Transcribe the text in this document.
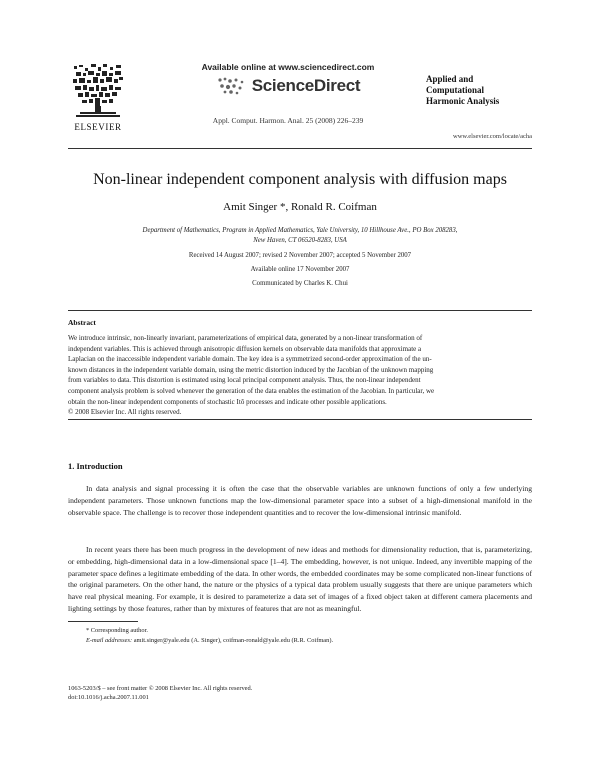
ELSEVIER
Available online at www.sciencedirect.com
ScienceDirect
Appl. Comput. Harmon. Anal. 25 (2008) 226–239
Applied and
Computational
Harmonic Analysis
www.elsevier.com/locate/acha
Non-linear independent component analysis with diffusion maps
Amit Singer *, Ronald R. Coifman
Department of Mathematics, Program in Applied Mathematics, Yale University, 10 Hillhouse Ave., PO Box 208283,
New Haven, CT 06520-8283, USA
Received 14 August 2007; revised 2 November 2007; accepted 5 November 2007
Available online 17 November 2007
Communicated by Charles K. Chui
Abstract
We introduce intrinsic, non-linearly invariant, parameterizations of empirical data, generated by a non-linear transformation of
independent variables. This is achieved through anisotropic diffusion kernels on observable data manifolds that approximate a
Laplacian on the inaccessible independent variable domain. The key idea is a symmetrized second-order approximation of the un-
known distances in the independent variable domain, using the metric distortion induced by the Jacobian of the unknown mapping
from variables to data. This distortion is estimated using local principal component analysis. Thus, the non-linear independent
component analysis problem is solved whenever the generation of the data enables the estimation of the Jacobian. In particular, we
obtain the non-linear independent components of stochastic Itô processes and indicate other possible applications.
© 2008 Elsevier Inc. All rights reserved.
1. Introduction

In data analysis and signal processing it is often the case that the observable variables are unknown functions of only a few underlying independent parameters. Those unknown functions map the low-dimensional parameter space into a subset of a high-dimensional manifold in the observable space. The challenge is to recover those independent quantities and to recover the low-dimensional intrinsic manifold.

In recent years there has been much progress in the development of new ideas and methods for dimensionality reduction, that is, parameterizing, or embedding, high-dimensional data in a low-dimensional space [1–4]. The embedding, however, is not unique. Indeed, any invertible mapping of the parameter space defines a legitimate embedding of the data. In other words, the embedded coordinates may be some complicated non-linear functions of the original parameters. On the other hand, the nature or the physics of a typical data problem usually suggests that there are unique parameters which have real physical meaning. For example, it is desired to parameterize a data set of images of a fixed object taken at different camera placements and lighting settings by those features, rather than by mixtures of features that are not as meaningful.

* Corresponding author.
E-mail addresses: amit.singer@yale.edu (A. Singer), coifman-ronald@yale.edu (R.R. Coifman).
1063-5203/$ – see front matter © 2008 Elsevier Inc. All rights reserved.
doi:10.1016/j.acha.2007.11.001
